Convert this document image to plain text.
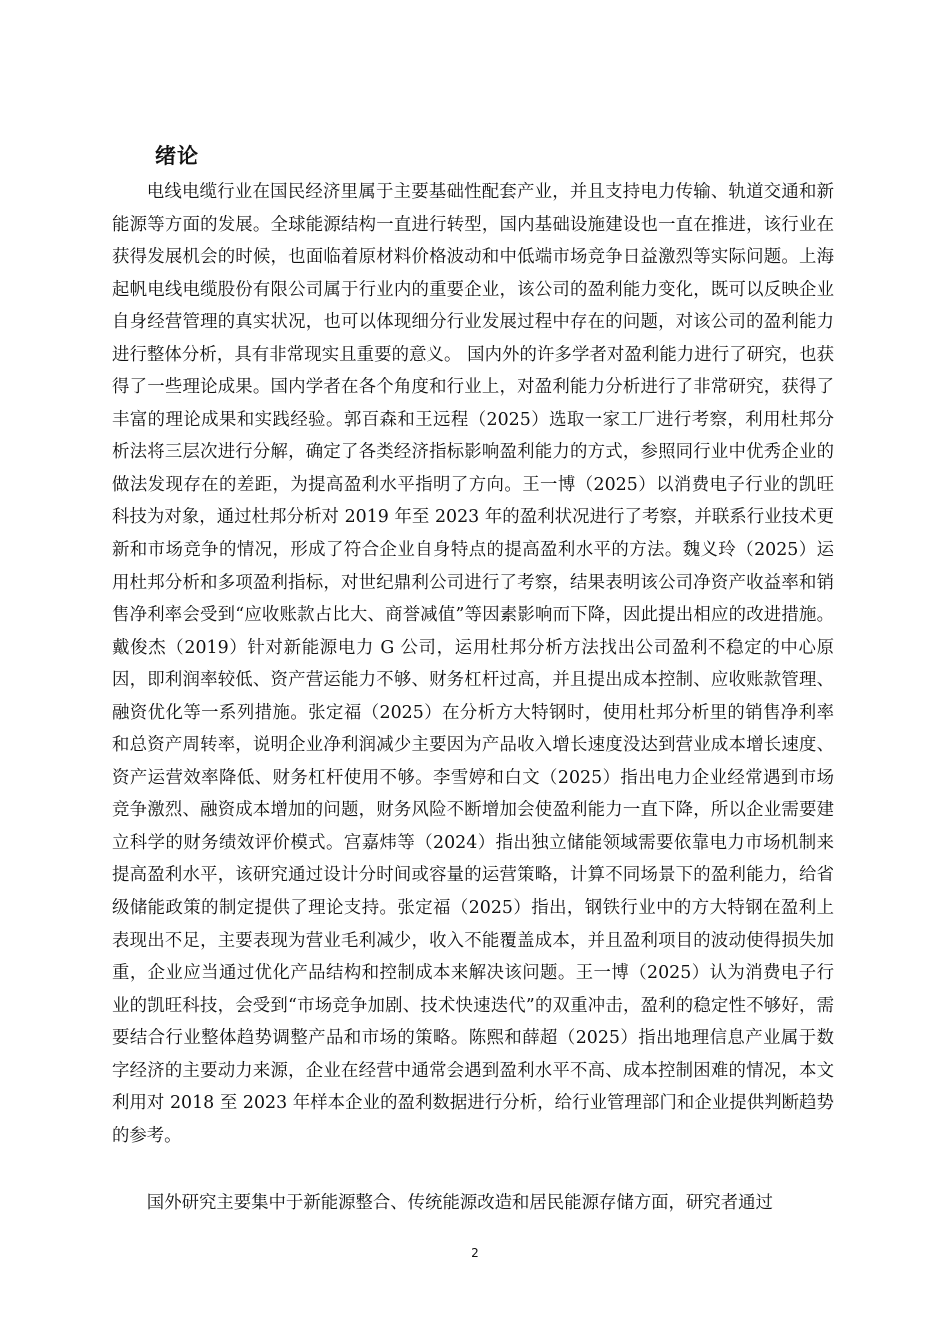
绪论

电线电缆行业在国民经济里属于主要基础性配套产业，并且支持电力传输、轨道交通和新能源等方面的发展。全球能源结构一直进行转型，国内基础设施建设也一直在推进，该行业在获得发展机会的时候，也面临着原材料价格波动和中低端市场竞争日益激烈等实际问题。上海起帆电线电缆股份有限公司属于行业内的重要企业，该公司的盈利能力变化，既可以反映企业自身经营管理的真实状况，也可以体现细分行业发展过程中存在的问题，对该公司的盈利能力进行整体分析，具有非常现实且重要的意义。 国内外的许多学者对盈利能力进行了研究，也获得了一些理论成果。国内学者在各个角度和行业上，对盈利能力分析进行了非常研究，获得了丰富的理论成果和实践经验。郭百森和王远程（2025）选取一家工厂进行考察，利用杜邦分析法将三层次进行分解，确定了各类经济指标影响盈利能力的方式，参照同行业中优秀企业的做法发现存在的差距，为提高盈利水平指明了方向。王一博（2025）以消费电子行业的凯旺科技为对象，通过杜邦分析对 2019 年至 2023 年的盈利状况进行了考察，并联系行业技术更新和市场竞争的情况，形成了符合企业自身特点的提高盈利水平的方法。魏义玲（2025）运用杜邦分析和多项盈利指标，对世纪鼎利公司进行了考察，结果表明该公司净资产收益率和销售净利率会受到“应收账款占比大、商誉减值”等因素影响而下降，因此提出相应的改进措施。戴俊杰（2019）针对新能源电力 G 公司，运用杜邦分析方法找出公司盈利不稳定的中心原因，即利润率较低、资产营运能力不够、财务杠杆过高，并且提出成本控制、应收账款管理、融资优化等一系列措施。张定福（2025）在分析方大特钢时，使用杜邦分析里的销售净利率和总资产周转率，说明企业净利润减少主要因为产品收入增长速度没达到营业成本增长速度、资产运营效率降低、财务杠杆使用不够。李雪婷和白文（2025）指出电力企业经常遇到市场竞争激烈、融资成本增加的问题，财务风险不断增加会使盈利能力一直下降，所以企业需要建立科学的财务绩效评价模式。宫嘉炜等（2024）指出独立储能领域需要依靠电力市场机制来提高盈利水平，该研究通过设计分时间或容量的运营策略，计算不同场景下的盈利能力，给省级储能政策的制定提供了理论支持。张定福（2025）指出，钢铁行业中的方大特钢在盈利上表现出不足，主要表现为营业毛利减少，收入不能覆盖成本，并且盈利项目的波动使得损失加重，企业应当通过优化产品结构和控制成本来解决该问题。王一博（2025）认为消费电子行业的凯旺科技，会受到“市场竞争加剧、技术快速迭代”的双重冲击，盈利的稳定性不够好，需要结合行业整体趋势调整产品和市场的策略。陈熙和薛超（2025）指出地理信息产业属于数字经济的主要动力来源，企业在经营中通常会遇到盈利水平不高、成本控制困难的情况，本文利用对 2018 至 2023 年样本企业的盈利数据进行分析，给行业管理部门和企业提供判断趋势的参考。

国外研究主要集中于新能源整合、传统能源改造和居民能源存储方面，研究者通过

2
